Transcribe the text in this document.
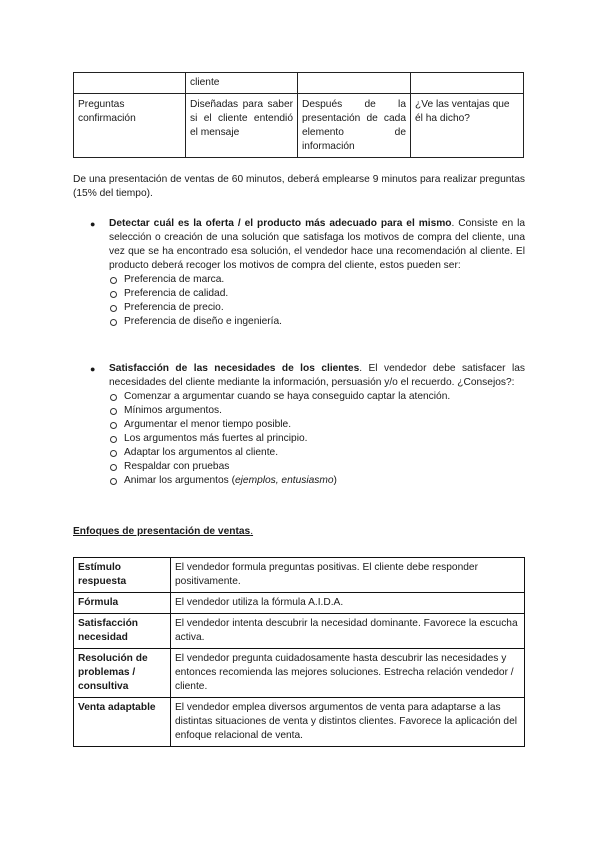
	cliente		
Preguntas confirmación	Diseñadas para saber si el cliente entendió el mensaje	Después de la presentación de cada elemento de información	¿Ve las ventajas que él ha dicho?
De una presentación de ventas de 60 minutos, deberá emplearse 9 minutos para realizar preguntas (15% del tiempo).
● Detectar cuál es la oferta / el producto más adecuado para el mismo. Consiste en la selección o creación de una solución que satisfaga los motivos de compra del cliente, una vez que se ha encontrado esa solución, el vendedor hace una recomendación al cliente. El producto deberá recoger los motivos de compra del cliente, estos pueden ser:
Preferencia de marca.
Preferencia de calidad.
Preferencia de precio.
Preferencia de diseño e ingeniería.
● Satisfacción de las necesidades de los clientes. El vendedor debe satisfacer las necesidades del cliente mediante la información, persuasión y/o el recuerdo. ¿Consejos?:
Comenzar a argumentar cuando se haya conseguido captar la atención.
Mínimos argumentos.
Argumentar el menor tiempo posible.
Los argumentos más fuertes al principio.
Adaptar los argumentos al cliente.
Respaldar con pruebas
Animar los argumentos (ejemplos, entusiasmo)
Enfoques de presentación de ventas.
Estímulo respuesta	El vendedor formula preguntas positivas. El cliente debe responder positivamente.
Fórmula	El vendedor utiliza la fórmula A.I.D.A.
Satisfacción necesidad	El vendedor intenta descubrir la necesidad dominante. Favorece la escucha activa.
Resolución de problemas / consultiva	El vendedor pregunta cuidadosamente hasta descubrir las necesidades y entonces recomienda las mejores soluciones. Estrecha relación vendedor / cliente.
Venta adaptable	El vendedor emplea diversos argumentos de venta para adaptarse a las distintas situaciones de venta y distintos clientes. Favorece la aplicación del enfoque relacional de venta.
